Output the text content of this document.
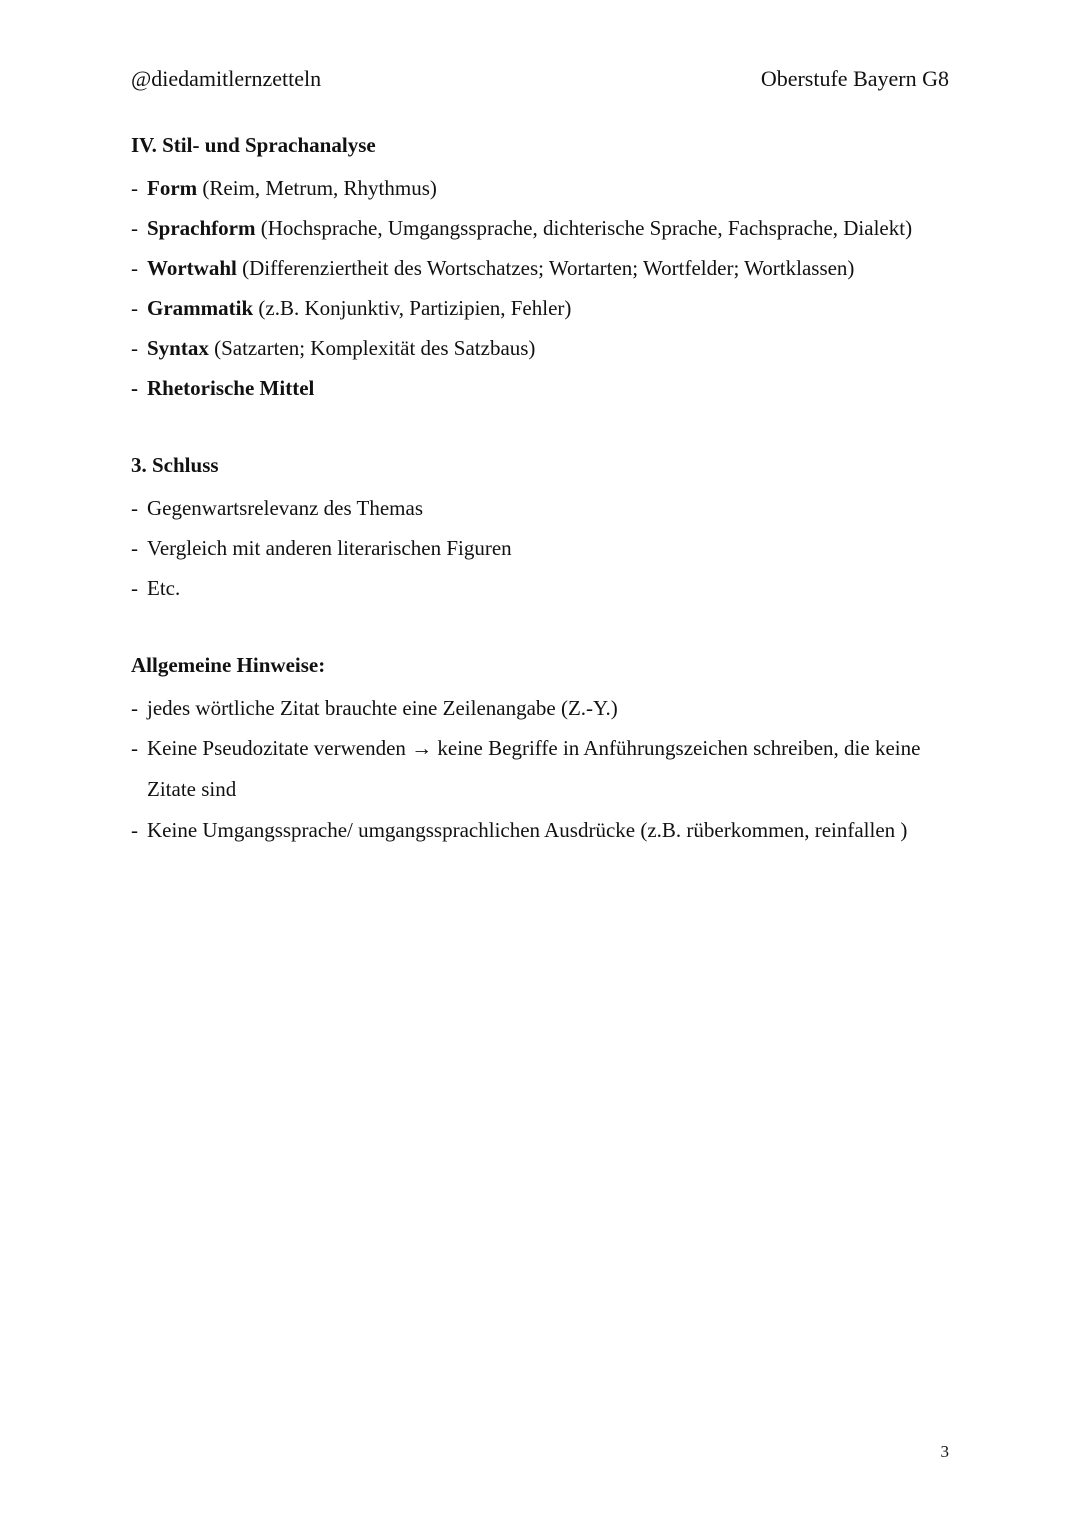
@diedamitlernzetteln	Oberstufe Bayern G8
IV. Stil- und Sprachanalyse
- Form (Reim, Metrum, Rhythmus)
- Sprachform (Hochsprache, Umgangssprache, dichterische Sprache, Fachsprache, Dialekt)
- Wortwahl (Differenziertheit des Wortschatzes; Wortarten; Wortfelder; Wortklassen)
- Grammatik (z.B. Konjunktiv, Partizipien, Fehler)
- Syntax (Satzarten; Komplexität des Satzbaus)
- Rhetorische Mittel
3. Schluss
- Gegenwartsrelevanz des Themas
- Vergleich mit anderen literarischen Figuren
- Etc.
Allgemeine Hinweise:
- jedes wörtliche Zitat brauchte eine Zeilenangabe (Z.-Y.)
- Keine Pseudozitate verwenden → keine Begriffe in Anführungszeichen schreiben, die keine Zitate sind
- Keine Umgangssprache/ umgangssprachlichen Ausdrücke (z.B. rüberkommen, reinfallen )
3
